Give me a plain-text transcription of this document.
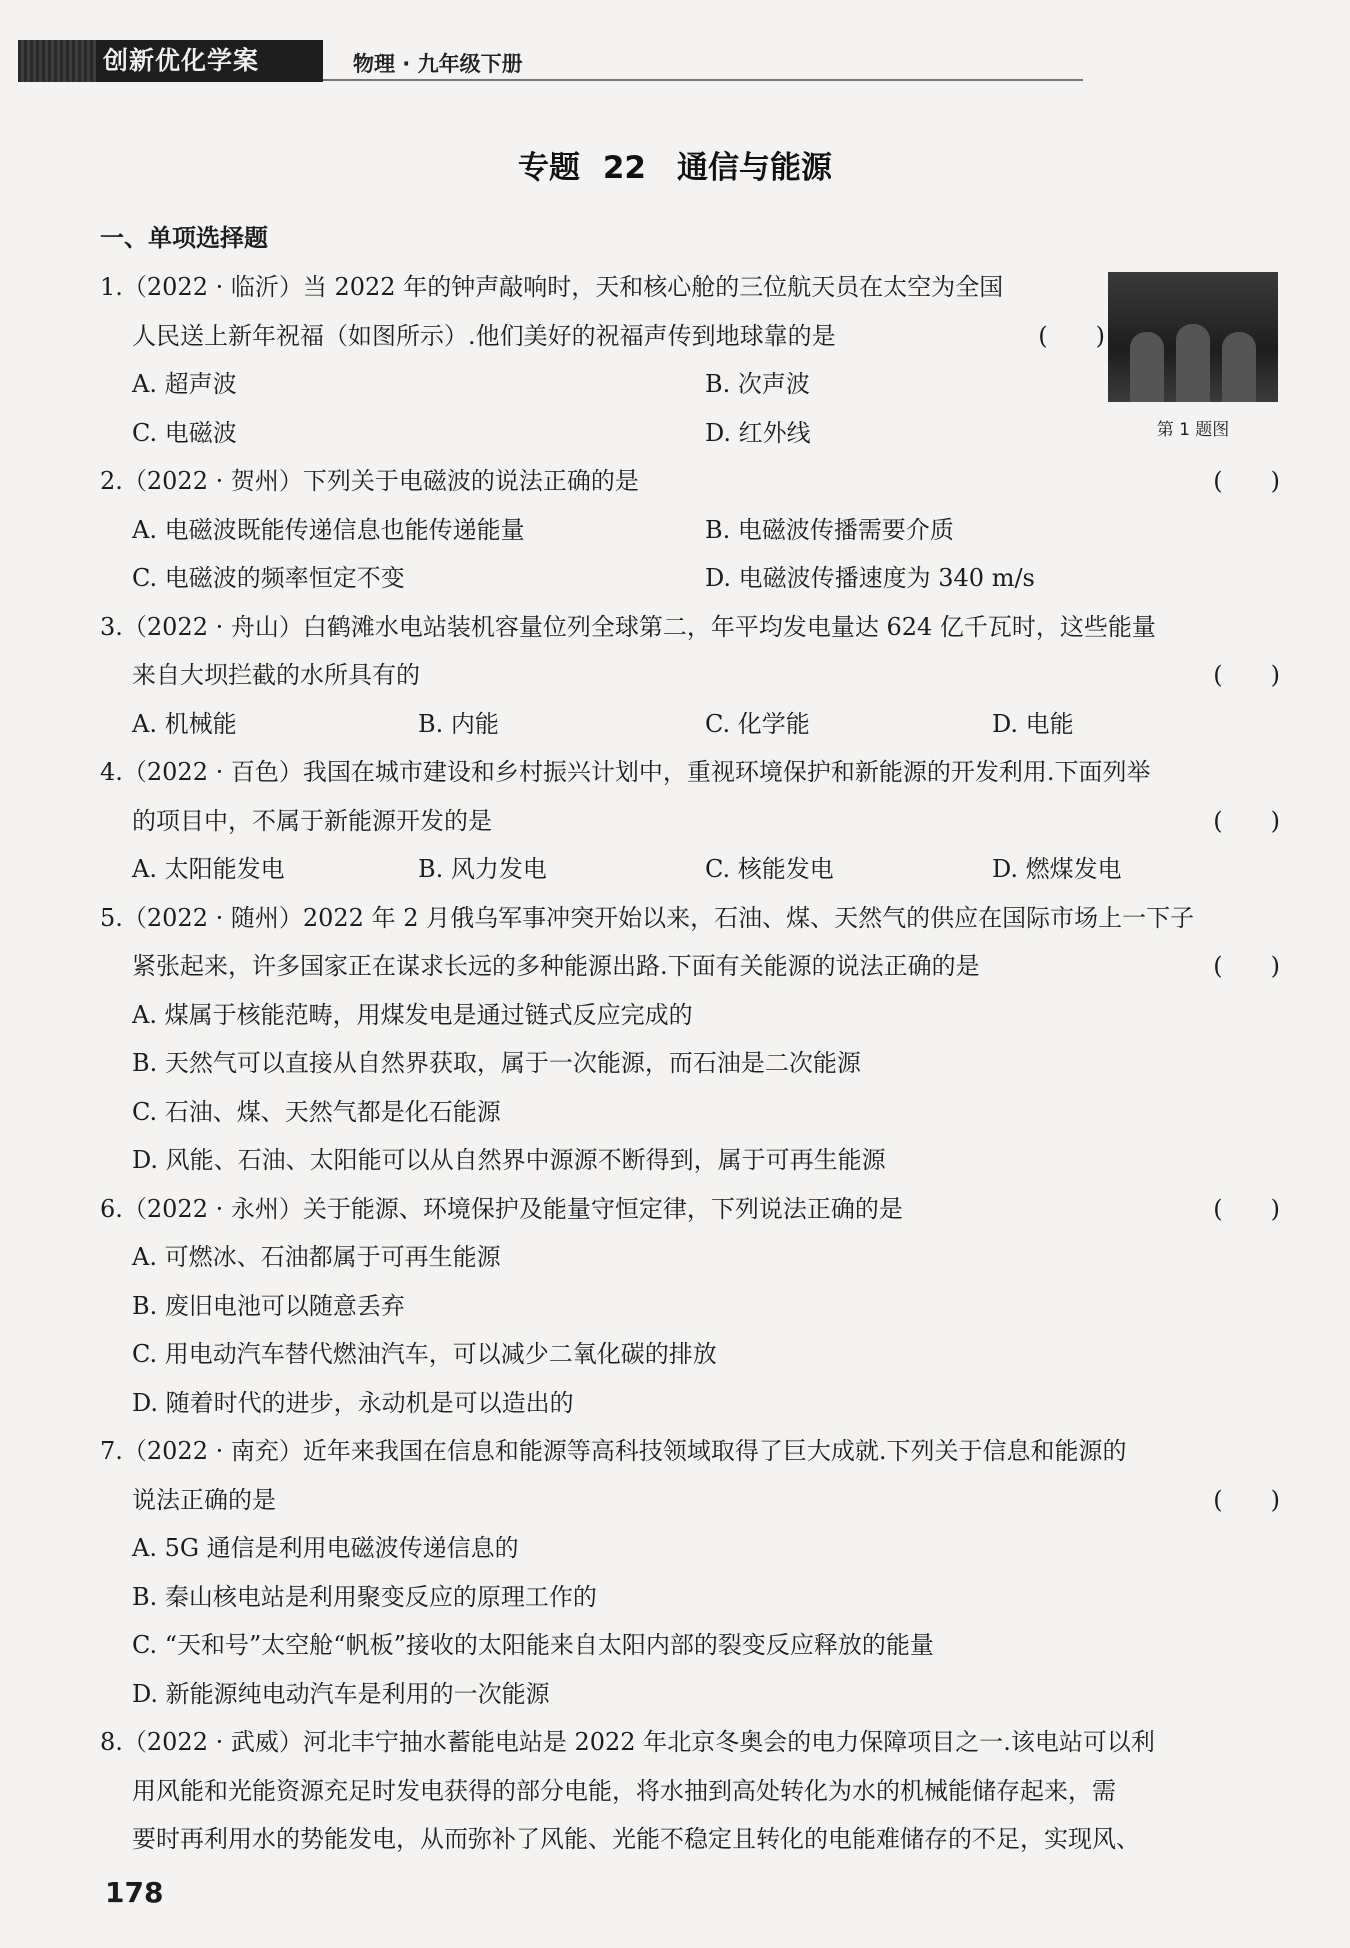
创新优化学案	物理 · 九年级下册
专题 22　通信与能源
一、单项选择题
第 1 题图
1.（2022 · 临沂）当 2022 年的钟声敲响时，天和核心舱的三位航天员在太空为全国
人民送上新年祝福（如图所示）.他们美好的祝福声传到地球靠的是	(　　)
A. 超声波	B. 次声波
C. 电磁波	D. 红外线
2.（2022 · 贺州）下列关于电磁波的说法正确的是	(　　)
A. 电磁波既能传递信息也能传递能量	B. 电磁波传播需要介质
C. 电磁波的频率恒定不变	D. 电磁波传播速度为 340 m/s
3.（2022 · 舟山）白鹤滩水电站装机容量位列全球第二，年平均发电量达 624 亿千瓦时，这些能量
来自大坝拦截的水所具有的	(　　)
A. 机械能	B. 内能	C. 化学能	D. 电能
4.（2022 · 百色）我国在城市建设和乡村振兴计划中，重视环境保护和新能源的开发利用.下面列举
的项目中，不属于新能源开发的是	(　　)
A. 太阳能发电	B. 风力发电	C. 核能发电	D. 燃煤发电
5.（2022 · 随州）2022 年 2 月俄乌军事冲突开始以来，石油、煤、天然气的供应在国际市场上一下子
紧张起来，许多国家正在谋求长远的多种能源出路.下面有关能源的说法正确的是	(　　)
A. 煤属于核能范畴，用煤发电是通过链式反应完成的
B. 天然气可以直接从自然界获取，属于一次能源，而石油是二次能源
C. 石油、煤、天然气都是化石能源
D. 风能、石油、太阳能可以从自然界中源源不断得到，属于可再生能源
6.（2022 · 永州）关于能源、环境保护及能量守恒定律，下列说法正确的是	(　　)
A. 可燃冰、石油都属于可再生能源
B. 废旧电池可以随意丢弃
C. 用电动汽车替代燃油汽车，可以减少二氧化碳的排放
D. 随着时代的进步，永动机是可以造出的
7.（2022 · 南充）近年来我国在信息和能源等高科技领域取得了巨大成就.下列关于信息和能源的
说法正确的是	(　　)
A. 5G 通信是利用电磁波传递信息的
B. 秦山核电站是利用聚变反应的原理工作的
C. “天和号”太空舱“帆板”接收的太阳能来自太阳内部的裂变反应释放的能量
D. 新能源纯电动汽车是利用的一次能源
8.（2022 · 武威）河北丰宁抽水蓄能电站是 2022 年北京冬奥会的电力保障项目之一.该电站可以利
用风能和光能资源充足时发电获得的部分电能，将水抽到高处转化为水的机械能储存起来，需
要时再利用水的势能发电，从而弥补了风能、光能不稳定且转化的电能难储存的不足，实现风、
178
